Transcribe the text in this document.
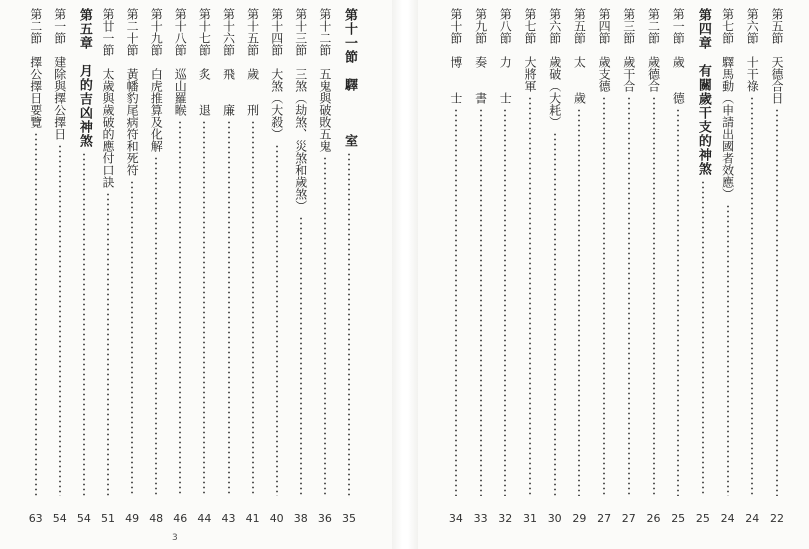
第十一節　驛　　　室
35
第十二節　五鬼與破敗五鬼
36
第十三節　三煞（劫煞、災煞和歲煞）
38
第十四節　大煞（大殺）
40
第十五節　歲　　刑
41
第十六節　飛　　廉
43
第十七節　炙　　退
44
第十八節　巡山羅睺
46
第十九節　白虎推算及化解
48
第二十節　黃幡豹尾病符和死符
49
第廿一節　太歲與歲破的應付口訣
51
第五章　月的吉凶神煞
54
第一節　建除與擇公擇日
54
第二節　擇公擇日要覽
63
3
第五節　天德合日
22
第六節　十干祿
24
第七節　驛馬動（申請出國者效應）
24
第四章　有關歲干支的神煞
25
第一節　歲　　德
25
第二節　歲德合
26
第三節　歲干合
27
第四節　歲支德
27
第五節　太　　歲
29
第六節　歲破（大耗）
30
第七節　大將軍
31
第八節　力　　士
32
第九節　奏　　書
33
第十節　博　　士
34
